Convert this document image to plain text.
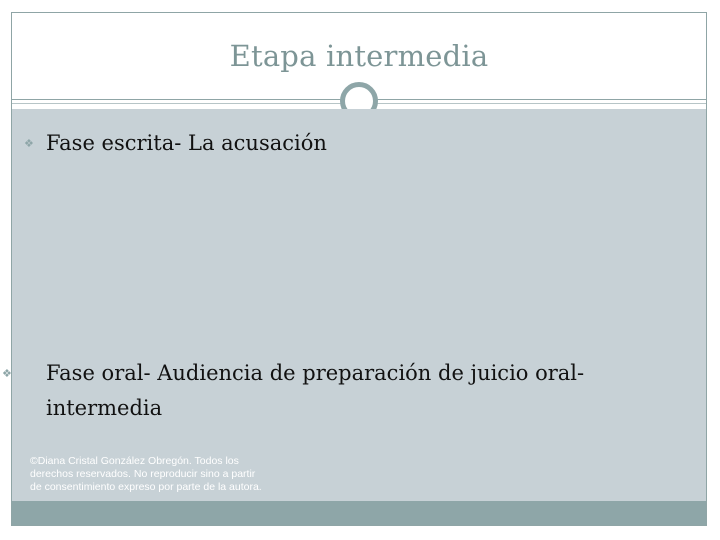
Etapa intermedia
❖ Fase escrita- La acusación
❖ Fase oral- Audiencia de preparación de juicio oral- intermedia
©Diana Cristal González Obregón. Todos los
derechos reservados. No reproducir sino a partir
de consentimiento expreso por parte de la autora.
